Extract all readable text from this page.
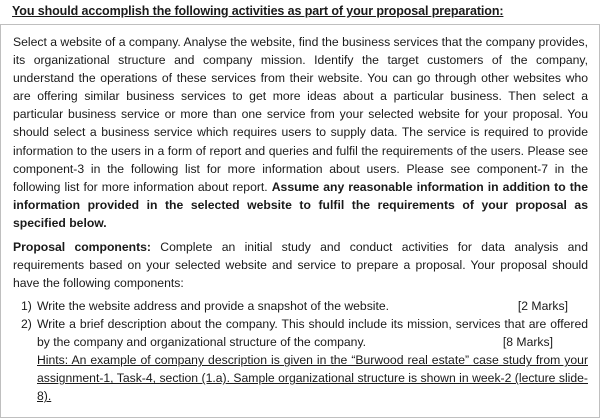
You should accomplish the following activities as part of your proposal preparation:

Select a website of a company. Analyse the website, find the business services that the company provides, its organizational structure and company mission. Identify the target customers of the company, understand the operations of these services from their website. You can go through other websites who are offering similar business services to get more ideas about a particular business. Then select a particular business service or more than one service from your selected website for your proposal. You should select a business service which requires users to supply data. The service is required to provide information to the users in a form of report and queries and fulfil the requirements of the users. Please see component-3 in the following list for more information about users. Please see component-7 in the following list for more information about report. Assume any reasonable information in addition to the information provided in the selected website to fulfil the requirements of your proposal as specified below.

Proposal components: Complete an initial study and conduct activities for data analysis and requirements based on your selected website and service to prepare a proposal. Your proposal should have the following components:

1) Write the website address and provide a snapshot of the website.	[2 Marks]
2) Write a brief description about the company. This should include its mission, services that are offered by the company and organizational structure of the company.	[8 Marks]
Hints: An example of company description is given in the “Burwood real estate” case study from your assignment-1, Task-4, section (1.a). Sample organizational structure is shown in week-2 (lecture slide-8).
